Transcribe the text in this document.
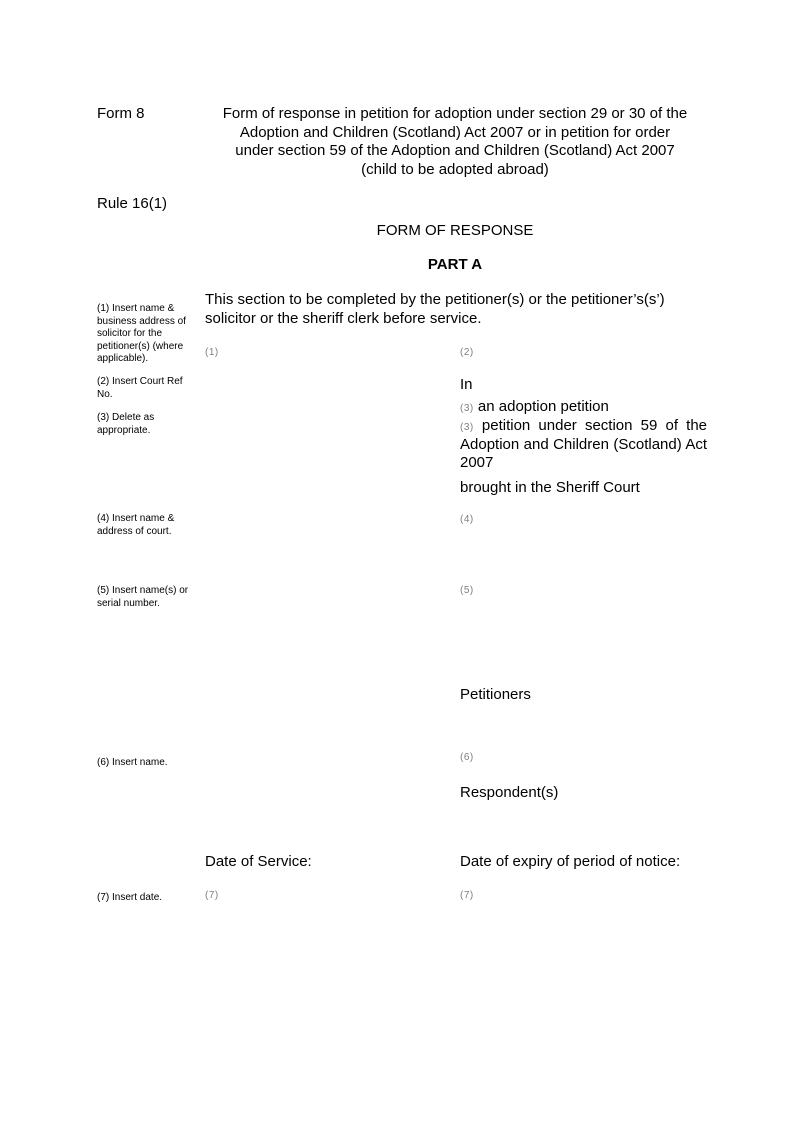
Form 8	Form of response in petition for adoption under section 29 or 30 of the
Adoption and Children (Scotland) Act 2007 or in petition for order
under section 59 of the Adoption and Children (Scotland) Act 2007
(child to be adopted abroad)
Rule 16(1)
FORM OF RESPONSE
PART A
This section to be completed by the petitioner(s) or the petitioner’s(s’) solicitor or the sheriff clerk before service.
(1) Insert name & business address of solicitor for the petitioner(s) (where applicable).
(2) Insert Court Ref No.
(3) Delete as appropriate.
(4) Insert name & address of court.
(5) Insert name(s) or serial number.
(6) Insert name.
(7) Insert date.
(1)	(2)
In
(3) an adoption petition
(3) petition under section 59 of the Adoption and Children (Scotland) Act 2007
brought in the Sheriff Court
(4)
(5)
Petitioners
(6)
Respondent(s)
Date of Service:	Date of expiry of period of notice:
(7)	(7)
